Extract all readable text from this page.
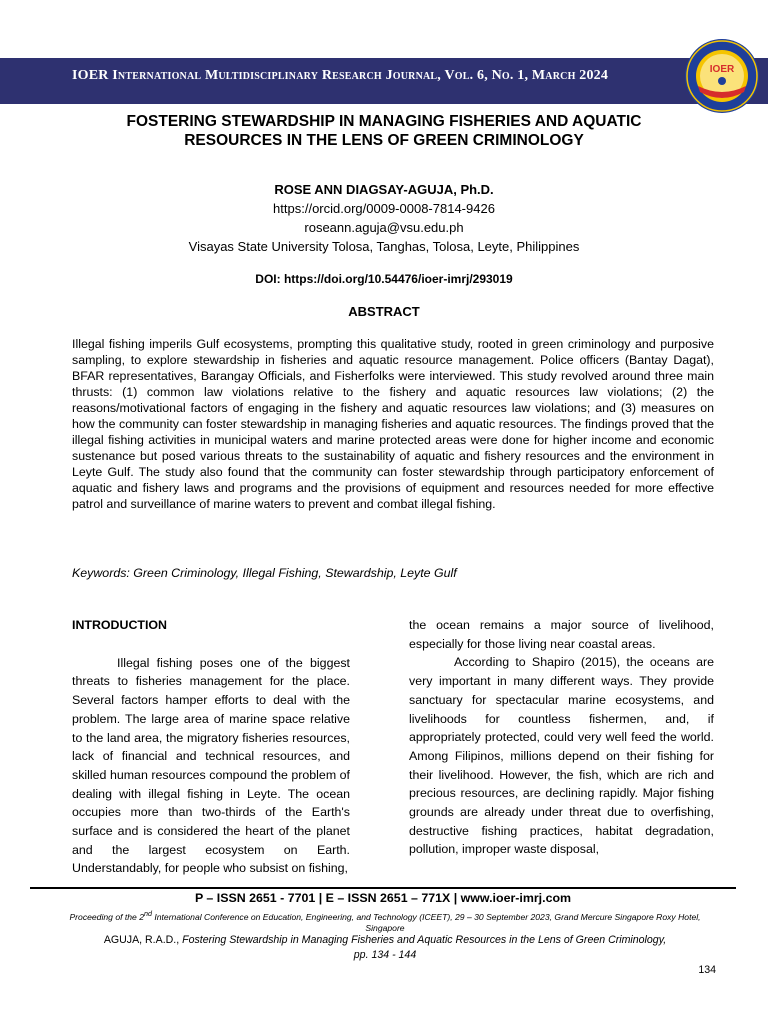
IOER International Multidisciplinary Research Journal, Vol. 6, No. 1, March 2024	IOER
FOSTERING STEWARDSHIP IN MANAGING FISHERIES AND AQUATIC
RESOURCES IN THE LENS OF GREEN CRIMINOLOGY
ROSE ANN DIAGSAY-AGUJA, Ph.D.
https://orcid.org/0009-0008-7814-9426
roseann.aguja@vsu.edu.ph
Visayas State University Tolosa, Tanghas, Tolosa, Leyte, Philippines
DOI: https://doi.org/10.54476/ioer-imrj/293019
ABSTRACT
Illegal fishing imperils Gulf ecosystems, prompting this qualitative study, rooted in green criminology and purposive sampling, to explore stewardship in fisheries and aquatic resource management. Police officers (Bantay Dagat), BFAR representatives, Barangay Officials, and Fisherfolks were interviewed. This study revolved around three main thrusts: (1) common law violations relative to the fishery and aquatic resources law violations; (2) the reasons/motivational factors of engaging in the fishery and aquatic resources law violations; and (3) measures on how the community can foster stewardship in managing fisheries and aquatic resources. The findings proved that the illegal fishing activities in municipal waters and marine protected areas were done for higher income and economic sustenance but posed various threats to the sustainability of aquatic and fishery resources and the environment in Leyte Gulf. The study also found that the community can foster stewardship through participatory enforcement of aquatic and fishery laws and programs and the provisions of equipment and resources needed for more effective patrol and surveillance of marine waters to prevent and combat illegal fishing.
Keywords: Green Criminology, Illegal Fishing, Stewardship, Leyte Gulf
INTRODUCTION

Illegal fishing poses one of the biggest threats to fisheries management for the place. Several factors hamper efforts to deal with the problem. The large area of marine space relative to the land area, the migratory fisheries resources, lack of financial and technical resources, and skilled human resources compound the problem of dealing with illegal fishing in Leyte. The ocean occupies more than two-thirds of the Earth's surface and is considered the heart of the planet and the largest ecosystem on Earth. Understandably, for people who subsist on fishing,

the ocean remains a major source of livelihood, especially for those living near coastal areas.

According to Shapiro (2015), the oceans are very important in many different ways. They provide sanctuary for spectacular marine ecosystems, and livelihoods for countless fishermen, and, if appropriately protected, could very well feed the world. Among Filipinos, millions depend on their fishing for their livelihood. However, the fish, which are rich and precious resources, are declining rapidly. Major fishing grounds are already under threat due to overfishing, destructive fishing practices, habitat degradation, pollution, improper waste disposal,

P – ISSN 2651 - 7701 | E – ISSN 2651 – 771X | www.ioer-imrj.com
Proceeding of the 2nd International Conference on Education, Engineering, and Technology (ICEET), 29 – 30 September 2023, Grand Mercure Singapore Roxy Hotel, Singapore
AGUJA, R.A.D., Fostering Stewardship in Managing Fisheries and Aquatic Resources in the Lens of Green Criminology,
pp. 134 - 144
134
